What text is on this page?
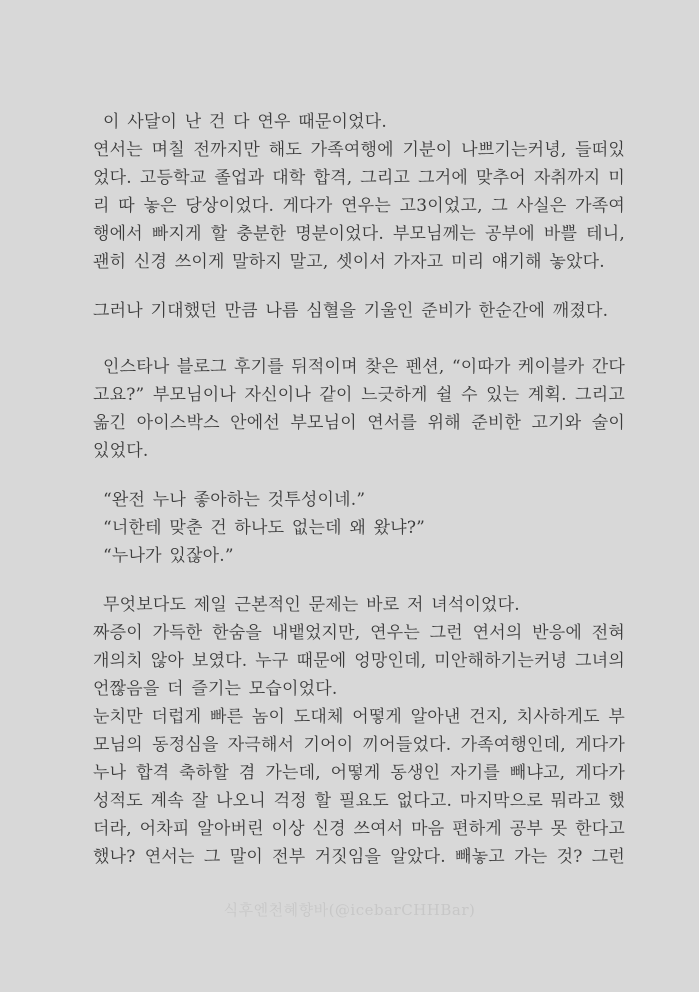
이 사달이 난 건 다 연우 때문이었다.
연서는 며칠 전까지만 해도 가족여행에 기분이 나쁘기는커녕, 들떠있
었다. 고등학교 졸업과 대학 합격, 그리고 그거에 맞추어 자취까지 미
리 따 놓은 당상이었다. 게다가 연우는 고3이었고, 그 사실은 가족여
행에서 빠지게 할 충분한 명분이었다. 부모님께는 공부에 바쁠 테니,
괜히 신경 쓰이게 말하지 말고, 셋이서 가자고 미리 얘기해 놓았다.
그러나 기대했던 만큼 나름 심혈을 기울인 준비가 한순간에 깨졌다.
인스타나 블로그 후기를 뒤적이며 찾은 펜션, “이따가 케이블카 간다
고요?” 부모님이나 자신이나 같이 느긋하게 쉴 수 있는 계획. 그리고
옮긴 아이스박스 안에선 부모님이 연서를 위해 준비한 고기와 술이
있었다.
“완전 누나 좋아하는 것투성이네.”
“너한테 맞춘 건 하나도 없는데 왜 왔냐?”
“누나가 있잖아.”
무엇보다도 제일 근본적인 문제는 바로 저 녀석이었다.
짜증이 가득한 한숨을 내뱉었지만, 연우는 그런 연서의 반응에 전혀
개의치 않아 보였다. 누구 때문에 엉망인데, 미안해하기는커녕 그녀의
언짢음을 더 즐기는 모습이었다.
눈치만 더럽게 빠른 놈이 도대체 어떻게 알아낸 건지, 치사하게도 부
모님의 동정심을 자극해서 기어이 끼어들었다. 가족여행인데, 게다가
누나 합격 축하할 겸 가는데, 어떻게 동생인 자기를 빼냐고, 게다가
성적도 계속 잘 나오니 걱정 할 필요도 없다고. 마지막으로 뭐라고 했
더라, 어차피 알아버린 이상 신경 쓰여서 마음 편하게 공부 못 한다고
했나? 연서는 그 말이 전부 거짓임을 알았다. 빼놓고 가는 것? 그런
식후엔천혜향바(@icebarCHHBar)
